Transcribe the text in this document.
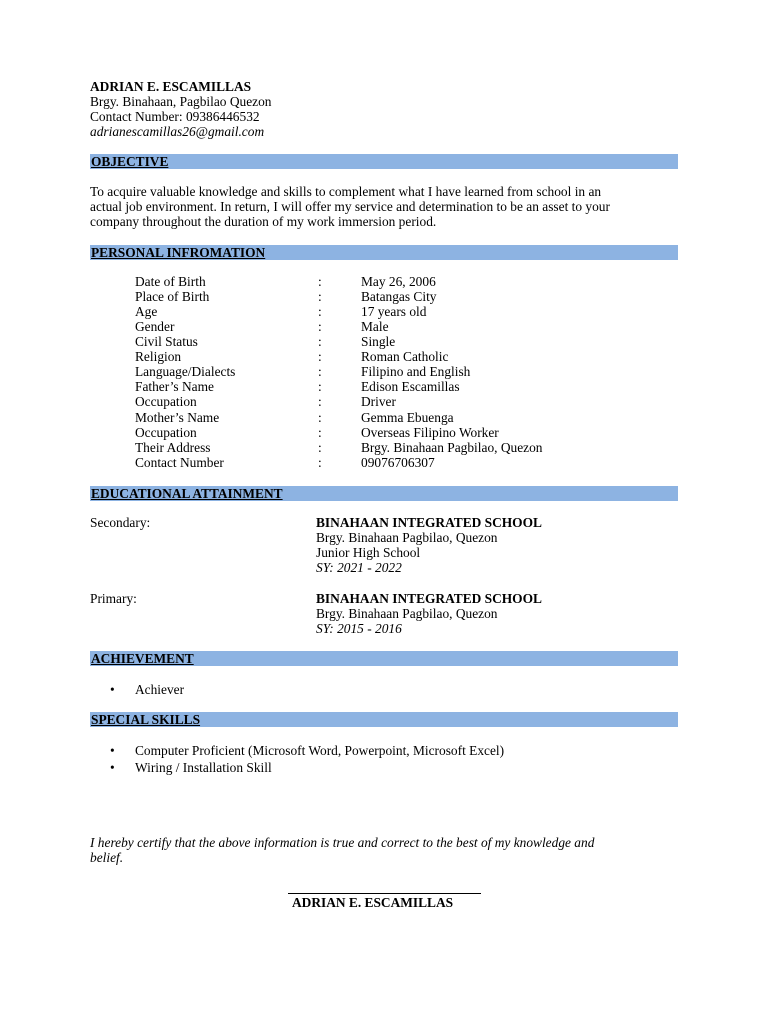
ADRIAN E. ESCAMILLAS
Brgy. Binahaan, Pagbilao Quezon
Contact Number: 09386446532
adrianescamillas26@gmail.com
OBJECTIVE
To acquire valuable knowledge and skills to complement what I have learned from school in an
actual job environment. In return, I will offer my service and determination to be an asset to your
company throughout the duration of my work immersion period.
PERSONAL INFROMATION
Date of Birth	:	May 26, 2006
Place of Birth	:	Batangas City
Age	:	17 years old
Gender	:	Male
Civil Status	:	Single
Religion	:	Roman Catholic
Language/Dialects	:	Filipino and English
Father’s Name	:	Edison Escamillas
Occupation	:	Driver
Mother’s Name	:	Gemma Ebuenga
Occupation	:	Overseas Filipino Worker
Their Address	:	Brgy. Binahaan Pagbilao, Quezon
Contact Number	:	09076706307
EDUCATIONAL ATTAINMENT
Secondary:	BINAHAAN INTEGRATED SCHOOL
Brgy. Binahaan Pagbilao, Quezon
Junior High School
SY: 2021 - 2022
Primary:	BINAHAAN INTEGRATED SCHOOL
Brgy. Binahaan Pagbilao, Quezon
SY: 2015 - 2016
ACHIEVEMENT
• Achiever
SPECIAL SKILLS
• Computer Proficient (Microsoft Word, Powerpoint, Microsoft Excel)
• Wiring / Installation Skill
I hereby certify that the above information is true and correct to the best of my knowledge and
belief.
ADRIAN E. ESCAMILLAS
